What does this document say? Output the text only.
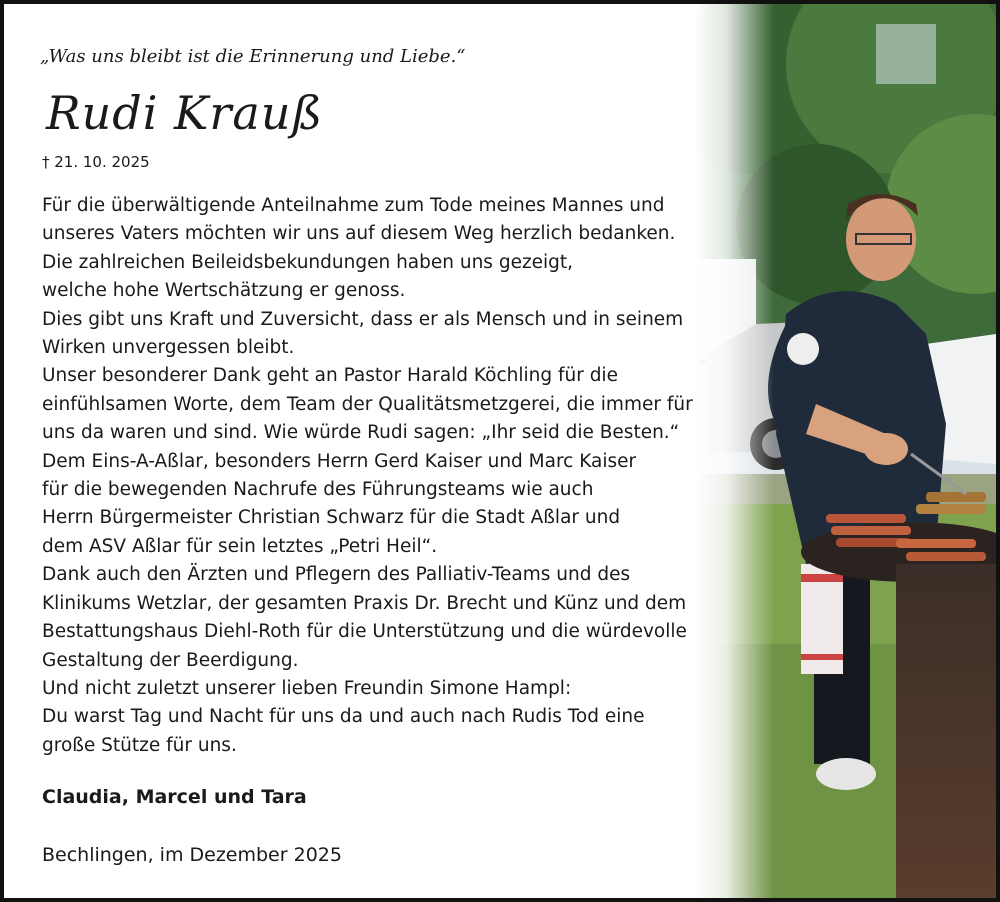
„Was uns bleibt ist die Erinnerung und Liebe.“
Rudi Krauß
† 21. 10. 2025
Für die überwältigende Anteilnahme zum Tode meines Mannes und
unseres Vaters möchten wir uns auf diesem Weg herzlich bedanken.
Die zahlreichen Beileidsbekundungen haben uns gezeigt,
welche hohe Wertschätzung er genoss.
Dies gibt uns Kraft und Zuversicht, dass er als Mensch und in seinem
Wirken unvergessen bleibt.
Unser besonderer Dank geht an Pastor Harald Köchling für die
einfühlsamen Worte, dem Team der Qualitätsmetzgerei, die immer für
uns da waren und sind. Wie würde Rudi sagen: „Ihr seid die Besten.“
Dem Eins-A-Aßlar, besonders Herrn Gerd Kaiser und Marc Kaiser
für die bewegenden Nachrufe des Führungsteams wie auch
Herrn Bürgermeister Christian Schwarz für die Stadt Aßlar und
dem ASV Aßlar für sein letztes „Petri Heil“.
Dank auch den Ärzten und Pflegern des Palliativ-Teams und des
Klinikums Wetzlar, der gesamten Praxis Dr. Brecht und Künz und dem
Bestattungshaus Diehl-Roth für die Unterstützung und die würdevolle
Gestaltung der Beerdigung.
Und nicht zuletzt unserer lieben Freundin Simone Hampl:
Du warst Tag und Nacht für uns da und auch nach Rudis Tod eine
große Stütze für uns.
Claudia, Marcel und Tara
Bechlingen, im Dezember 2025
